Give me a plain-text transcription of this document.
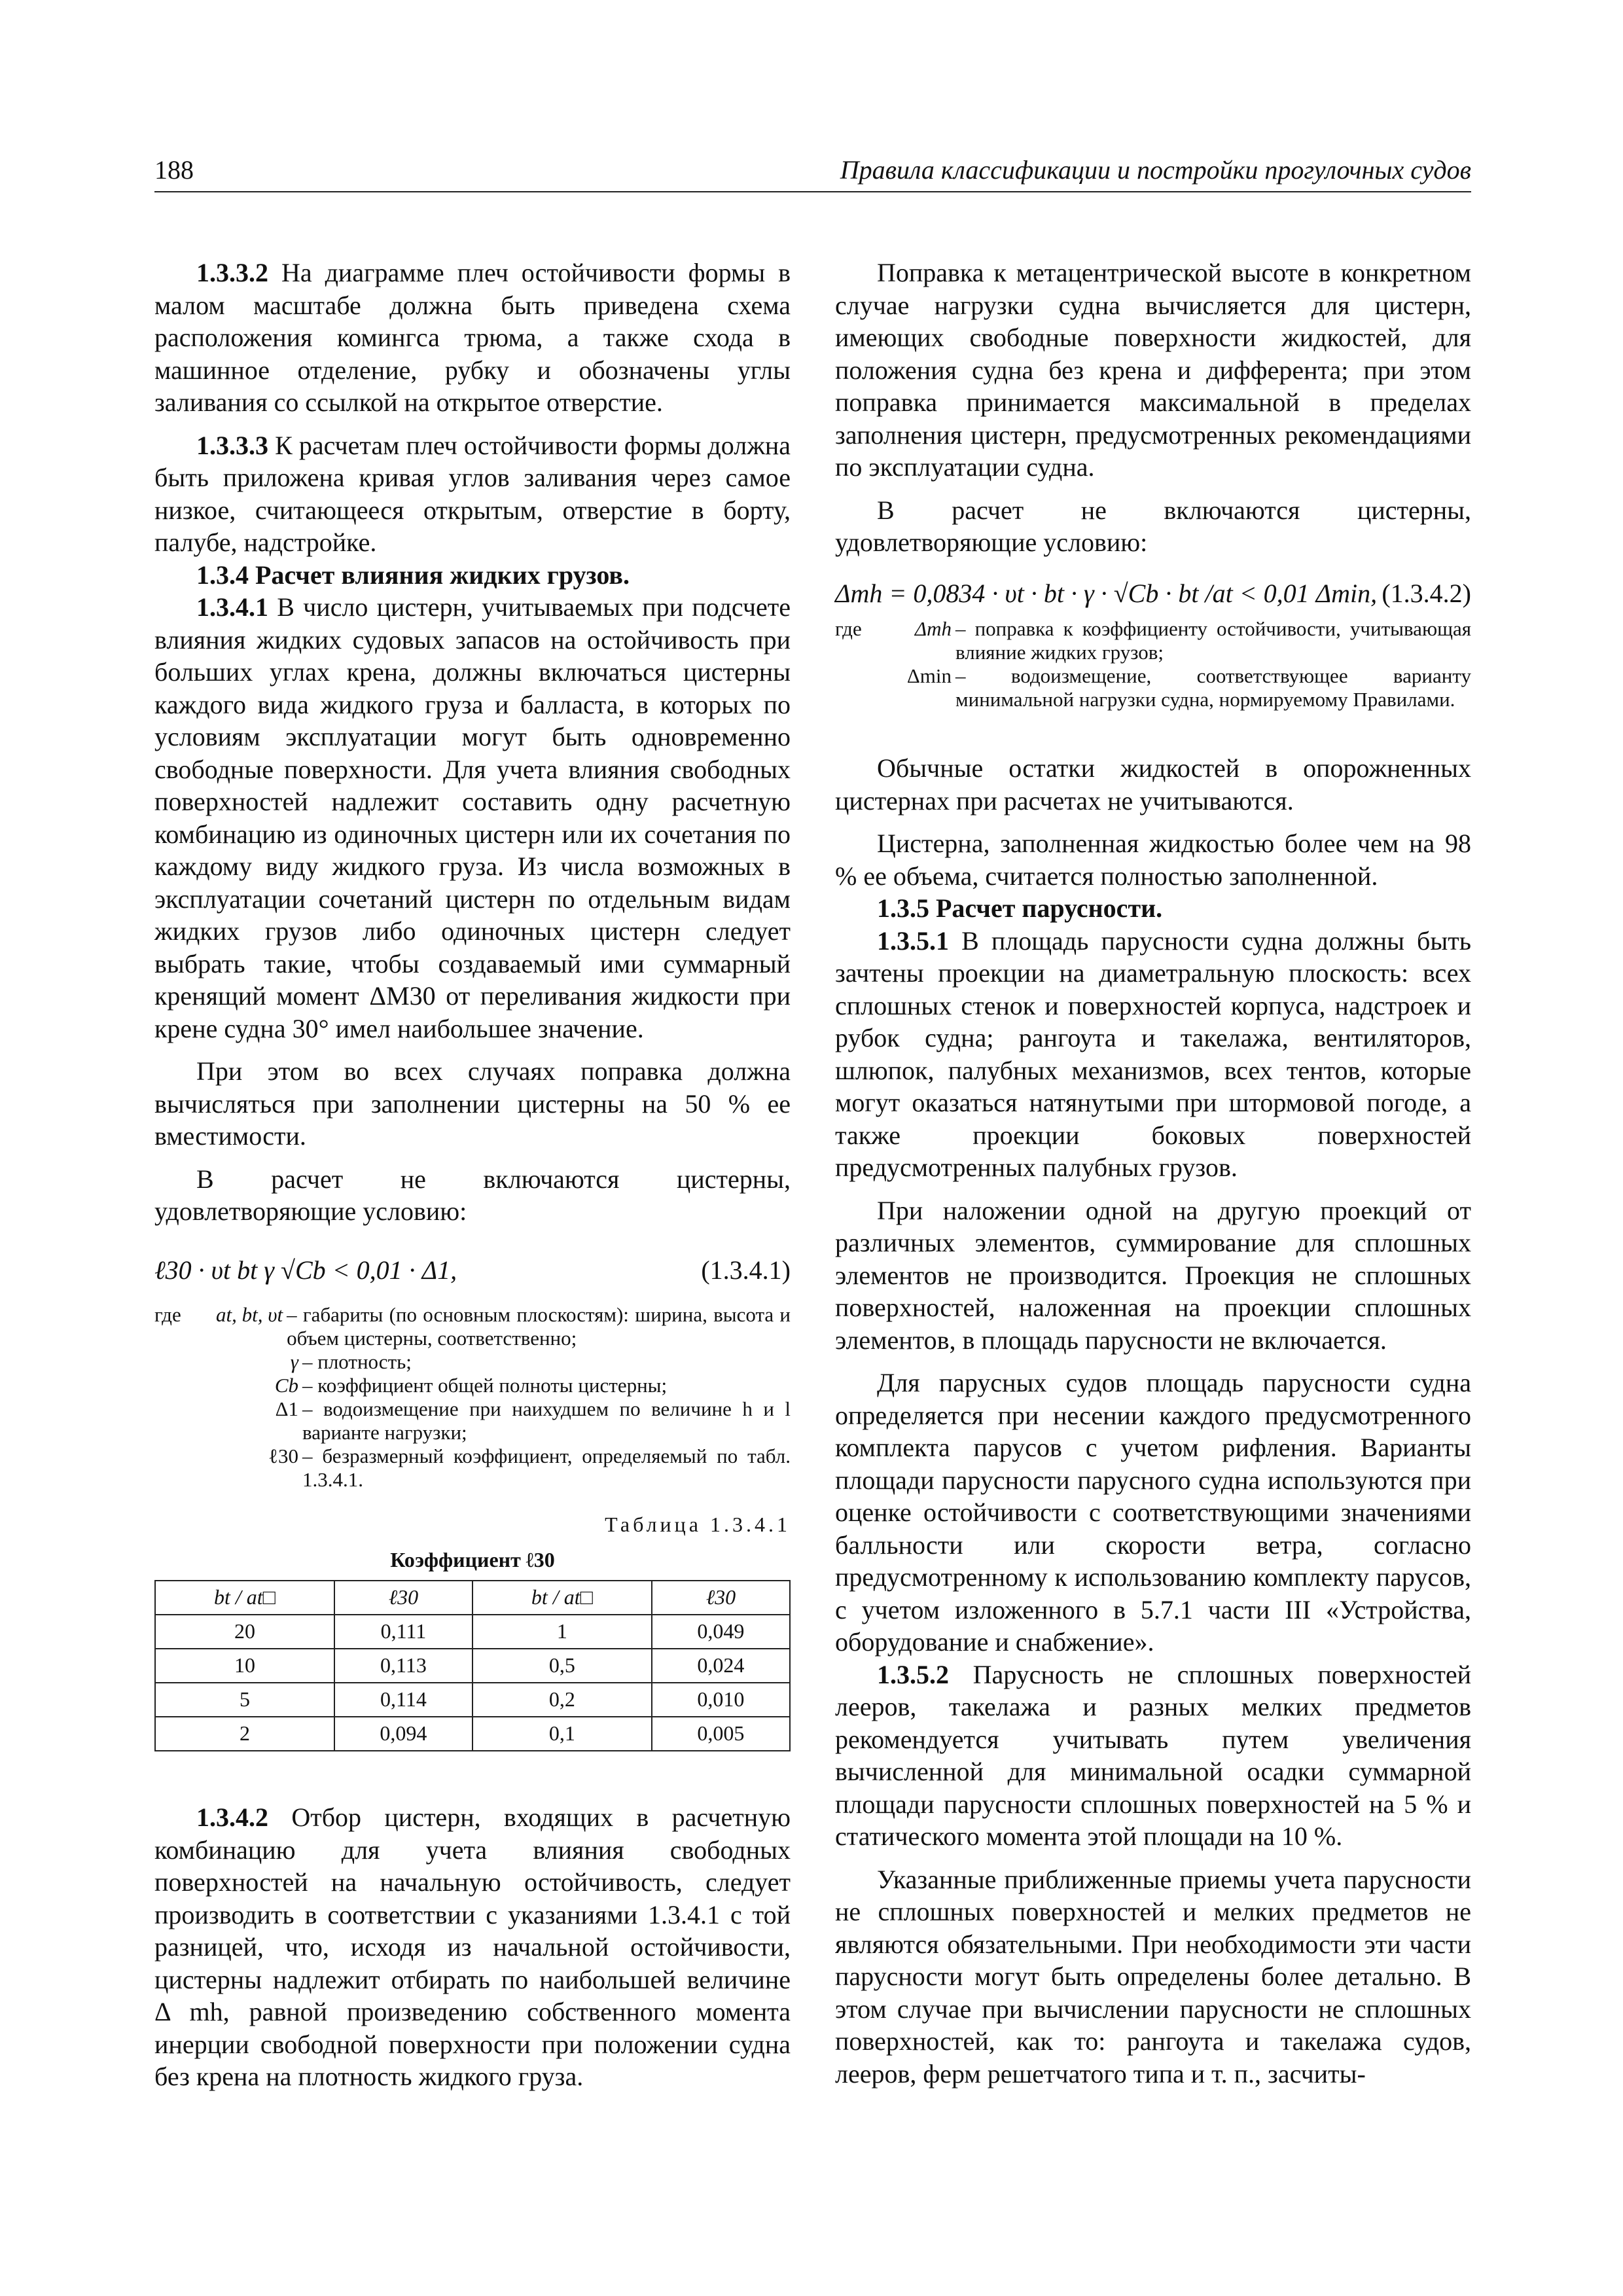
188	Правила классификации и постройки прогулочных судов

1.3.3.2 На диаграмме плеч остойчивости формы в малом масштабе должна быть приведена схема расположения комингса трюма, а также схода в машинное отделение, рубку и обозначены углы заливания со ссылкой на открытое отверстие.

1.3.3.3 К расчетам плеч остойчивости формы должна быть приложена кривая углов заливания через самое низкое, считающееся открытым, отверстие в борту, палубе, надстройке.

1.3.4 Расчет влияния жидких грузов.

1.3.4.1 В число цистерн, учитываемых при подсчете влияния жидких судовых запасов на остойчивость при больших углах крена, должны включаться цистерны каждого вида жидкого груза и балласта, в которых по условиям эксплуатации могут быть одновременно свободные поверхности. Для учета влияния свободных поверхностей надлежит составить одну расчетную комбинацию из одиночных цистерн или их сочетания по каждому виду жидкого груза. Из числа возможных в эксплуатации сочетаний цистерн по отдельным видам жидких грузов либо одиночных цистерн следует выбрать такие, чтобы создаваемый ими суммарный кренящий момент ΔM30 от переливания жидкости при крене судна 30° имел наибольшее значение.

При этом во всех случаях поправка должна вычисляться при заполнении цистерны на 50 % ее вместимости.

В расчет не включаются цистерны, удовлетворяющие условию:

ℓ30 · υt bt γ √Cb < 0,01 · Δ1,	(1.3.4.1)
где	at, bt, υt – габариты (по основным плоскостям): ширина, высота и объем цистерны, соответственно;
γ – плотность;
Cb – коэффициент общей полноты цистерны;
Δ1 – водоизмещение при наихудшем по величине h и l варианте нагрузки;
ℓ30 – безразмерный коэффициент, определяемый по табл. 1.3.4.1.
Таблица 1.3.4.1
Коэффициент ℓ30
bt / at□	ℓ30	bt / at□	ℓ30
20	0,111	1	0,049
10	0,113	0,5	0,024
5	0,114	0,2	0,010
2	0,094	0,1	0,005

1.3.4.2 Отбор цистерн, входящих в расчетную комбинацию для учета влияния свободных поверхностей на начальную остойчивость, следует производить в соответствии с указаниями 1.3.4.1 с той разницей, что, исходя из начальной остойчивости, цистерны надлежит отбирать по наибольшей величине Δ mh, равной произведению собственного момента инерции свободной поверхности при положении судна без крена на плотность жидкого груза.

Поправка к метацентрической высоте в конкретном случае нагрузки судна вычисляется для цистерн, имеющих свободные поверхности жидкостей, для положения судна без крена и дифферента; при этом поправка принимается максимальной в пределах заполнения цистерн, предусмотренных рекомендациями по эксплуатации судна.

В расчет не включаются цистерны, удовлетворяющие условию:

Δmh = 0,0834 · υt · bt · γ · √Cb · bt /at < 0,01 Δmin, (1.3.4.2)
где	Δmh – поправка к коэффициенту остойчивости, учитывающая влияние жидких грузов;
Δmin – водоизмещение, соответствующее варианту минимальной нагрузки судна, нормируемому Правилами.

Обычные остатки жидкостей в опорожненных цистернах при расчетах не учитываются.

Цистерна, заполненная жидкостью более чем на 98 % ее объема, считается полностью заполненной.

1.3.5 Расчет парусности.

1.3.5.1 В площадь парусности судна должны быть зачтены проекции на диаметральную плоскость: всех сплошных стенок и поверхностей корпуса, надстроек и рубок судна; рангоута и такелажа, вентиляторов, шлюпок, палубных механизмов, всех тентов, которые могут оказаться натянутыми при штормовой погоде, а также проекции боковых поверхностей предусмотренных палубных грузов.

При наложении одной на другую проекций от различных элементов, суммирование для сплошных элементов не производится. Проекция не сплошных поверхностей, наложенная на проекции сплошных элементов, в площадь парусности не включается.

Для парусных судов площадь парусности судна определяется при несении каждого предусмотренного комплекта парусов с учетом рифления. Варианты площади парусности парусного судна используются при оценке остойчивости с соответствующими значениями балльности или скорости ветра, согласно предусмотренному к использованию комплекту парусов, с учетом изложенного в 5.7.1 части III «Устройства, оборудование и снабжение».

1.3.5.2 Парусность не сплошных поверхностей лееров, такелажа и разных мелких предметов рекомендуется учитывать путем увеличения вычисленной для минимальной осадки суммарной площади парусности сплошных поверхностей на 5 % и статического момента этой площади на 10 %.

Указанные приближенные приемы учета парусности не сплошных поверхностей и мелких предметов не являются обязательными. При необходимости эти части парусности могут быть определены более детально. В этом случае при вычислении парусности не сплошных поверхностей, как то: рангоута и такелажа судов, лееров, ферм решетчатого типа и т. п., засчиты-
